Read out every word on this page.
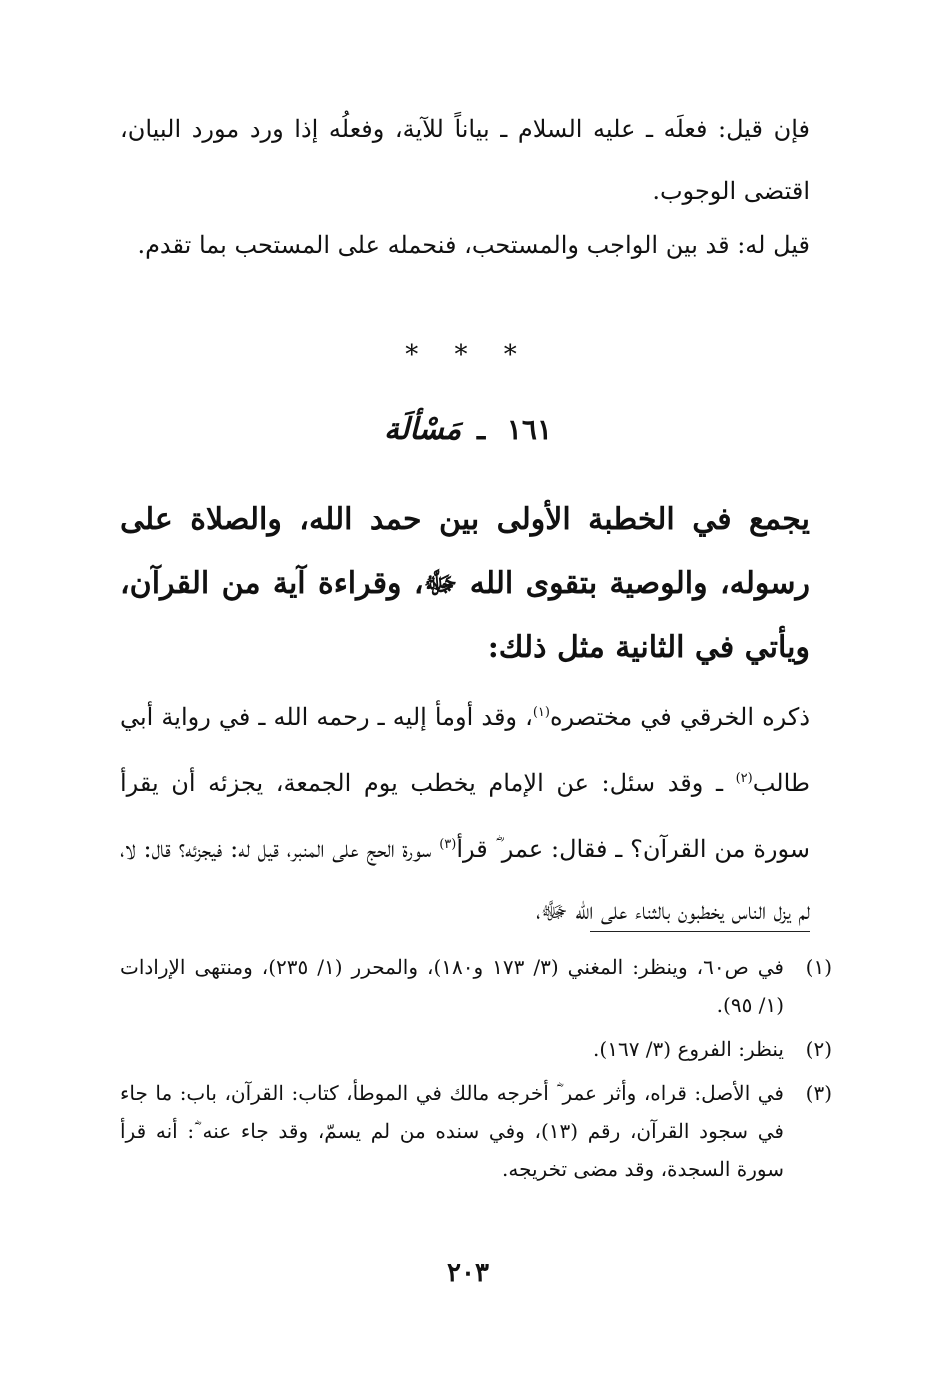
فإن قيل: فعلَه ـ عليه السلام ـ بياناً للآية، وفعلُه إذا ورد مورد البيان، اقتضى الوجوب.
قيل له: قد بين الواجب والمستحب، فنحمله على المستحب بما تقدم.
* * *
١٦١ ـ مَسْألَة
يجمع في الخطبة الأولى بين حمد الله، والصلاة على رسوله، والوصية بتقوى الله ﷻ، وقراءة آية من القرآن، ويأتي في الثانية مثل ذلك:
ذكره الخرقي في مختصره$^{(١)}$، وقد أومأ إليه ـ رحمه الله ـ في رواية أبي طالب$^{(٢)}$ ـ وقد سئل: عن الإمام يخطب يوم الجمعة، يجزئه أن يقرأ سورة من القرآن؟ ـ فقال: عمر ؓ قرأ$^{(٣)}$ سورة الحج على المنبر، قيل له: فيجزئه؟ قال: لا، لم يزل الناس يخطبون بالثناء على الله ﷻ،
(١)
في ص٦٠، وينظر: المغني (٣/ ١٧٣ و١٨٠)، والمحرر (١/ ٢٣٥)، ومنتهى الإرادات (١/ ٩٥).
(٢)
ينظر: الفروع (٣/ ١٦٧).
(٣)
في الأصل: قراه، وأثر عمر ؓ أخرجه مالك في الموطأ، كتاب: القرآن، باب: ما جاء في سجود القرآن، رقم (١٣)، وفي سنده من لم يسمّ، وقد جاء عنه ؓ: أنه قرأ سورة السجدة، وقد مضى تخريجه.
٢٠٣
